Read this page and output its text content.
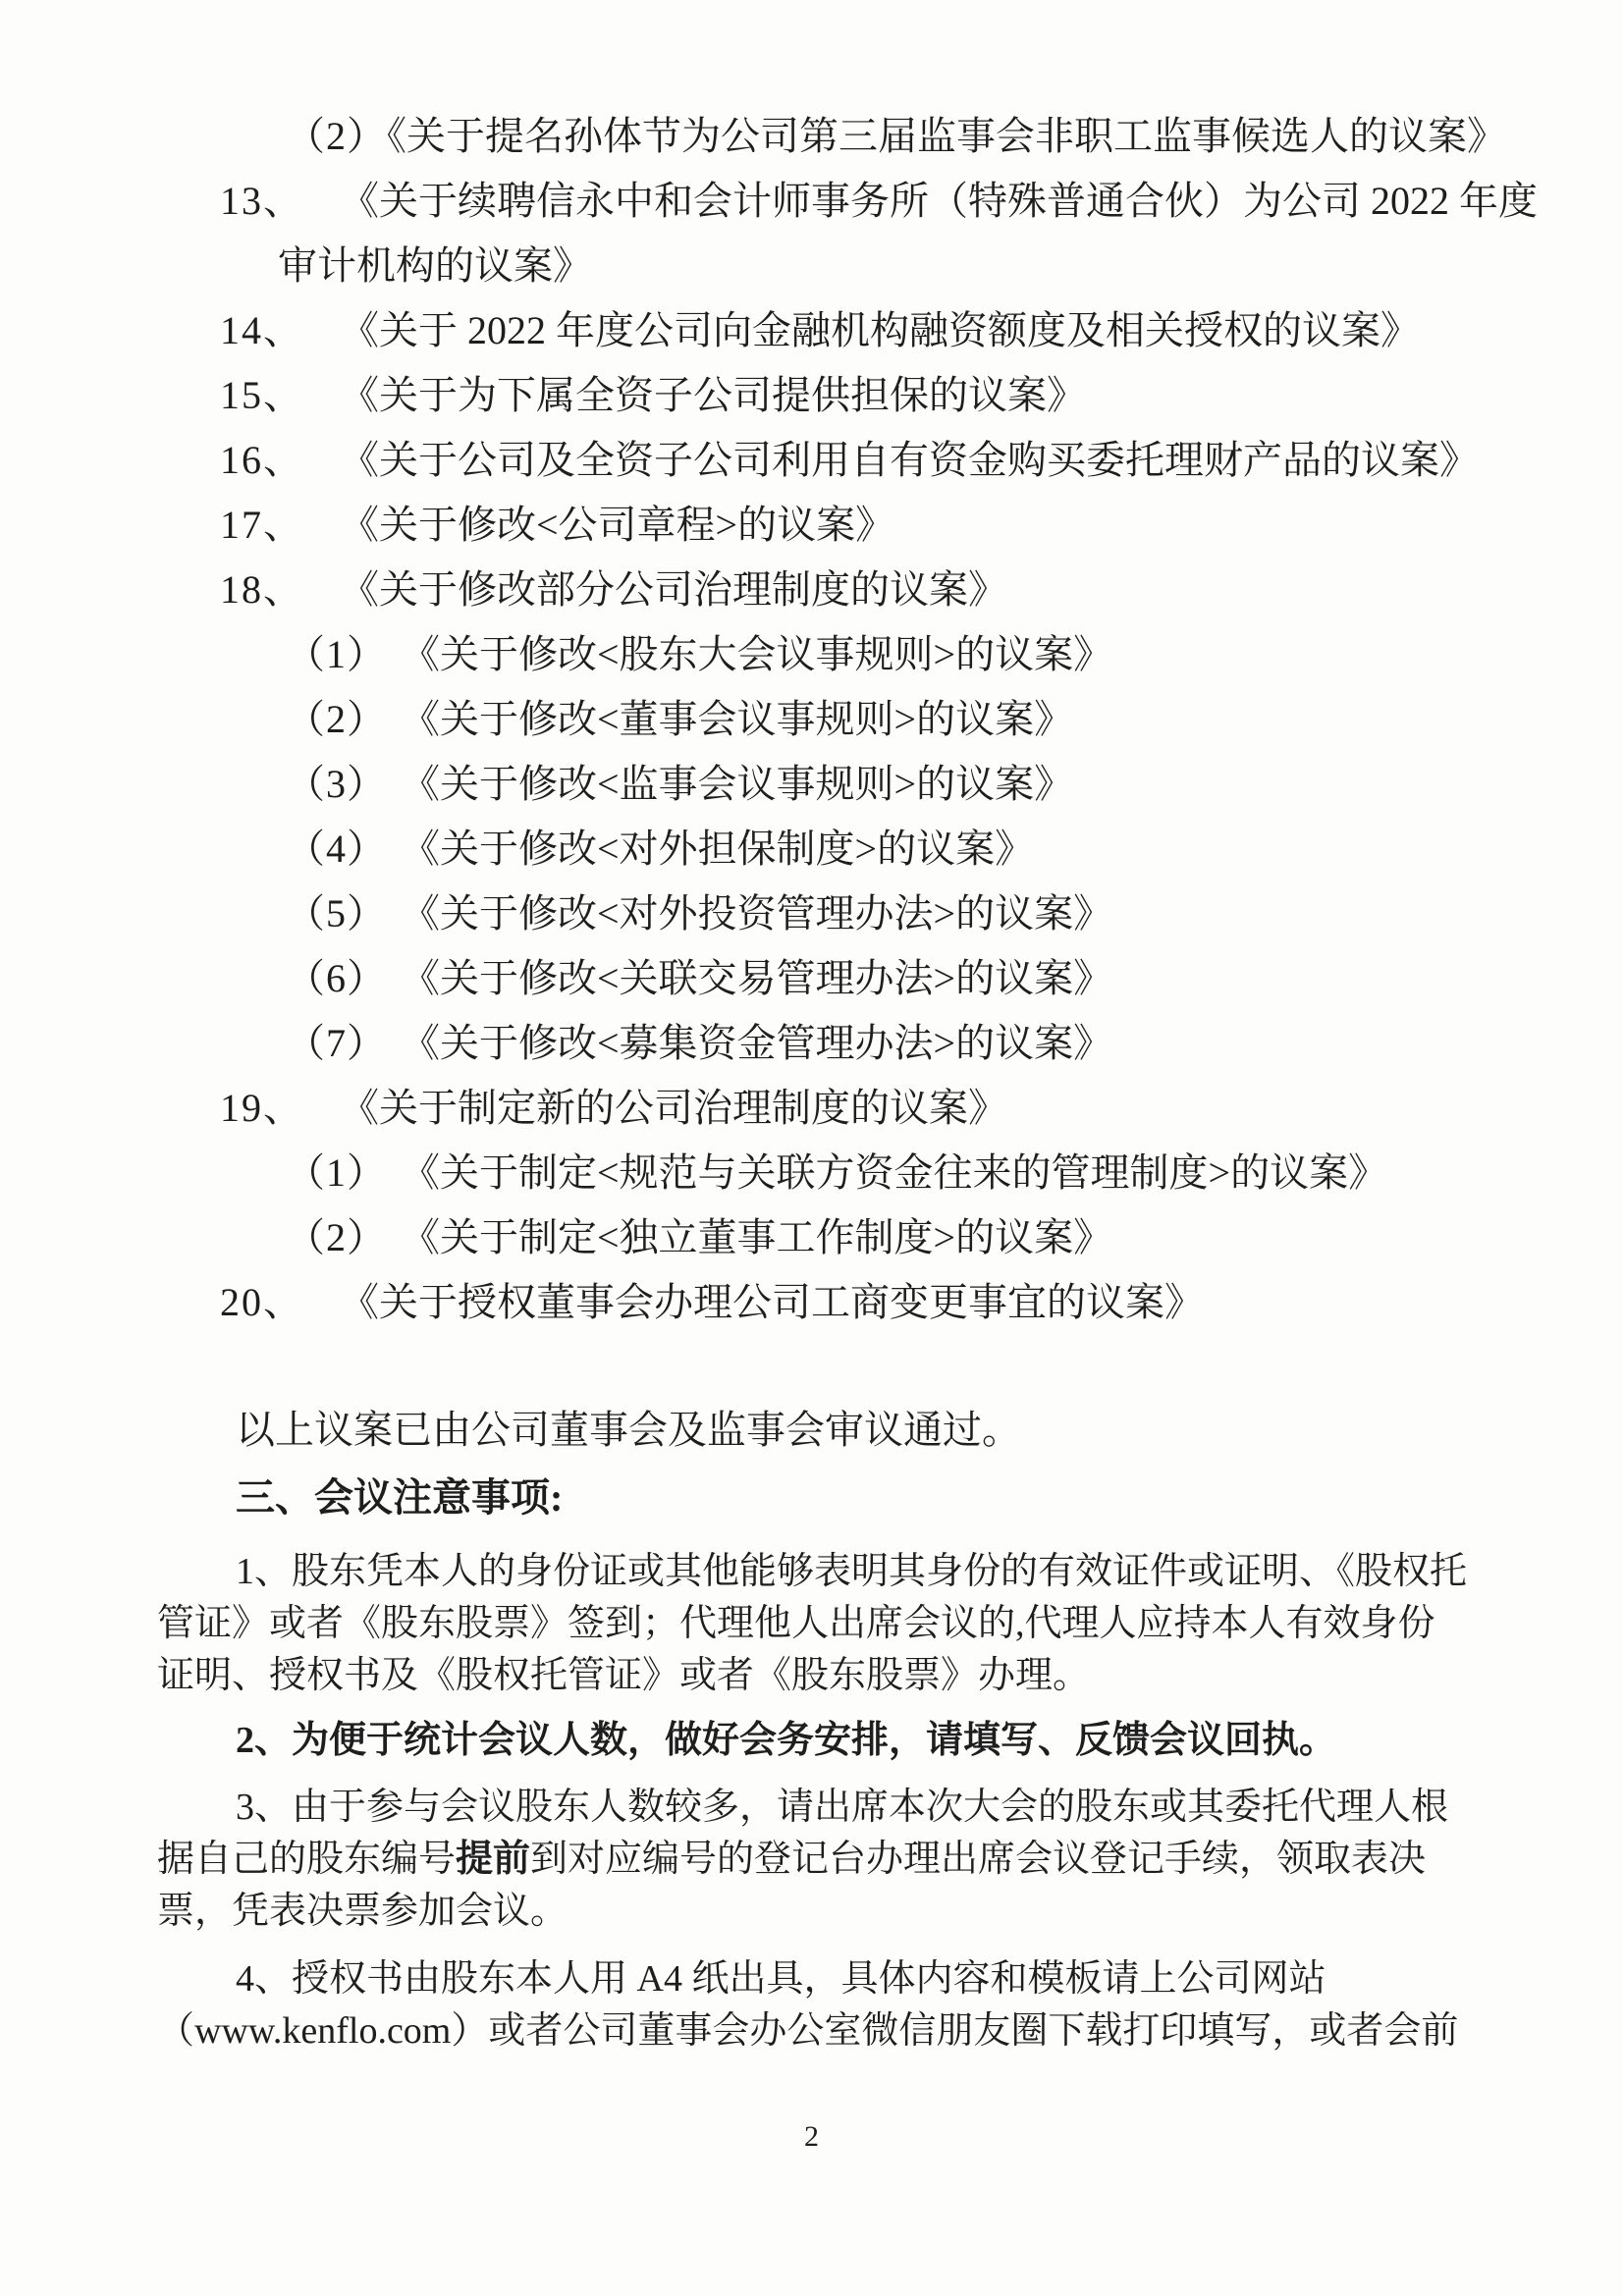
（2）《关于提名孙体节为公司第三届监事会非职工监事候选人的议案》
13、 《关于续聘信永中和会计师事务所（特殊普通合伙）为公司 2022 年度
审计机构的议案》
14、 《关于 2022 年度公司向金融机构融资额度及相关授权的议案》
15、 《关于为下属全资子公司提供担保的议案》
16、 《关于公司及全资子公司利用自有资金购买委托理财产品的议案》
17、 《关于修改<公司章程>的议案》
18、 《关于修改部分公司治理制度的议案》
（1） 《关于修改<股东大会议事规则>的议案》
（2） 《关于修改<董事会议事规则>的议案》
（3） 《关于修改<监事会议事规则>的议案》
（4） 《关于修改<对外担保制度>的议案》
（5） 《关于修改<对外投资管理办法>的议案》
（6） 《关于修改<关联交易管理办法>的议案》
（7） 《关于修改<募集资金管理办法>的议案》
19、 《关于制定新的公司治理制度的议案》
（1） 《关于制定<规范与关联方资金往来的管理制度>的议案》
（2） 《关于制定<独立董事工作制度>的议案》
20、 《关于授权董事会办理公司工商变更事宜的议案》
以上议案已由公司董事会及监事会审议通过。
三、会议注意事项:
1、股东凭本人的身份证或其他能够表明其身份的有效证件或证明、《股权托
管证》或者《股东股票》签到；代理他人出席会议的,代理人应持本人有效身份
证明、授权书及《股权托管证》或者《股东股票》办理。
2、为便于统计会议人数，做好会务安排，请填写、反馈会议回执。
3、由于参与会议股东人数较多，请出席本次大会的股东或其委托代理人根
据自己的股东编号提前到对应编号的登记台办理出席会议登记手续，领取表决
票，凭表决票参加会议。
4、授权书由股东本人用 A4 纸出具，具体内容和模板请上公司网站
（www.kenflo.com）或者公司董事会办公室微信朋友圈下载打印填写，或者会前
2
